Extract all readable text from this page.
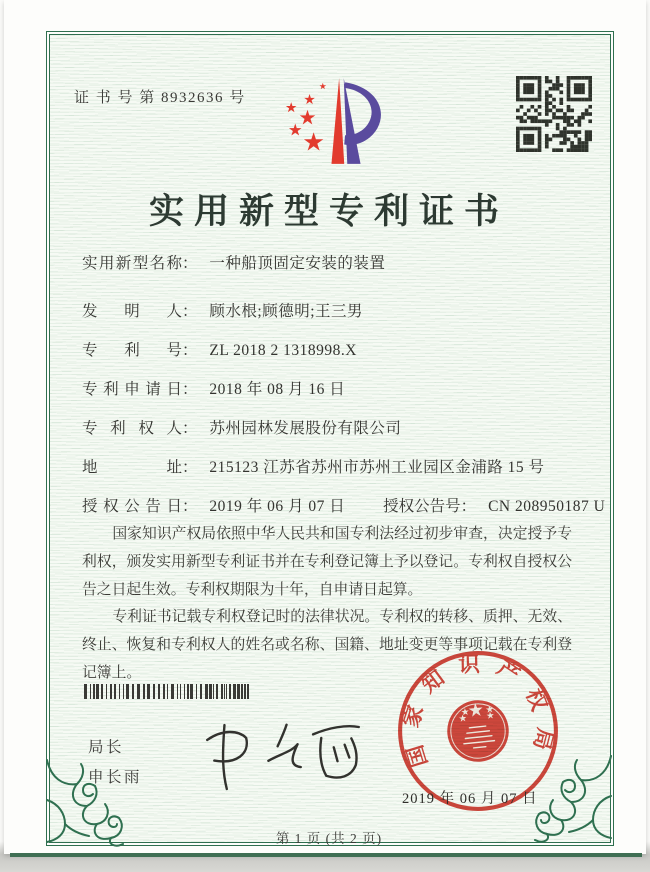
证 书 号 第 8932636 号
实用新型专利证书
实用新型名称： 一种船顶固定安装的装置
发明人： 顾水根;顾德明;王三男
专利号： ZL 2018 2 1318998.X
专利申请日： 2018 年 08 月 16 日
专利权人： 苏州园林发展股份有限公司
地址： 215123 江苏省苏州市苏州工业园区金浦路 15 号
授权公告日： 2019 年 06 月 07 日 授权公告号： CN 208950187 U

国家知识产权局依照中华人民共和国专利法经过初步审查，决定授予专利权，颁发实用新型专利证书并在专利登记簿上予以登记。专利权自授权公告之日起生效。专利权期限为十年，自申请日起算。

专利证书记载专利权登记时的法律状况。专利权的转移、质押、无效、终止、恢复和专利权人的姓名或名称、国籍、地址变更等事项记载在专利登记簿上。

局长
申长雨
国家知识产权局
2019 年 06 月 07 日
第 1 页 (共 2 页)
